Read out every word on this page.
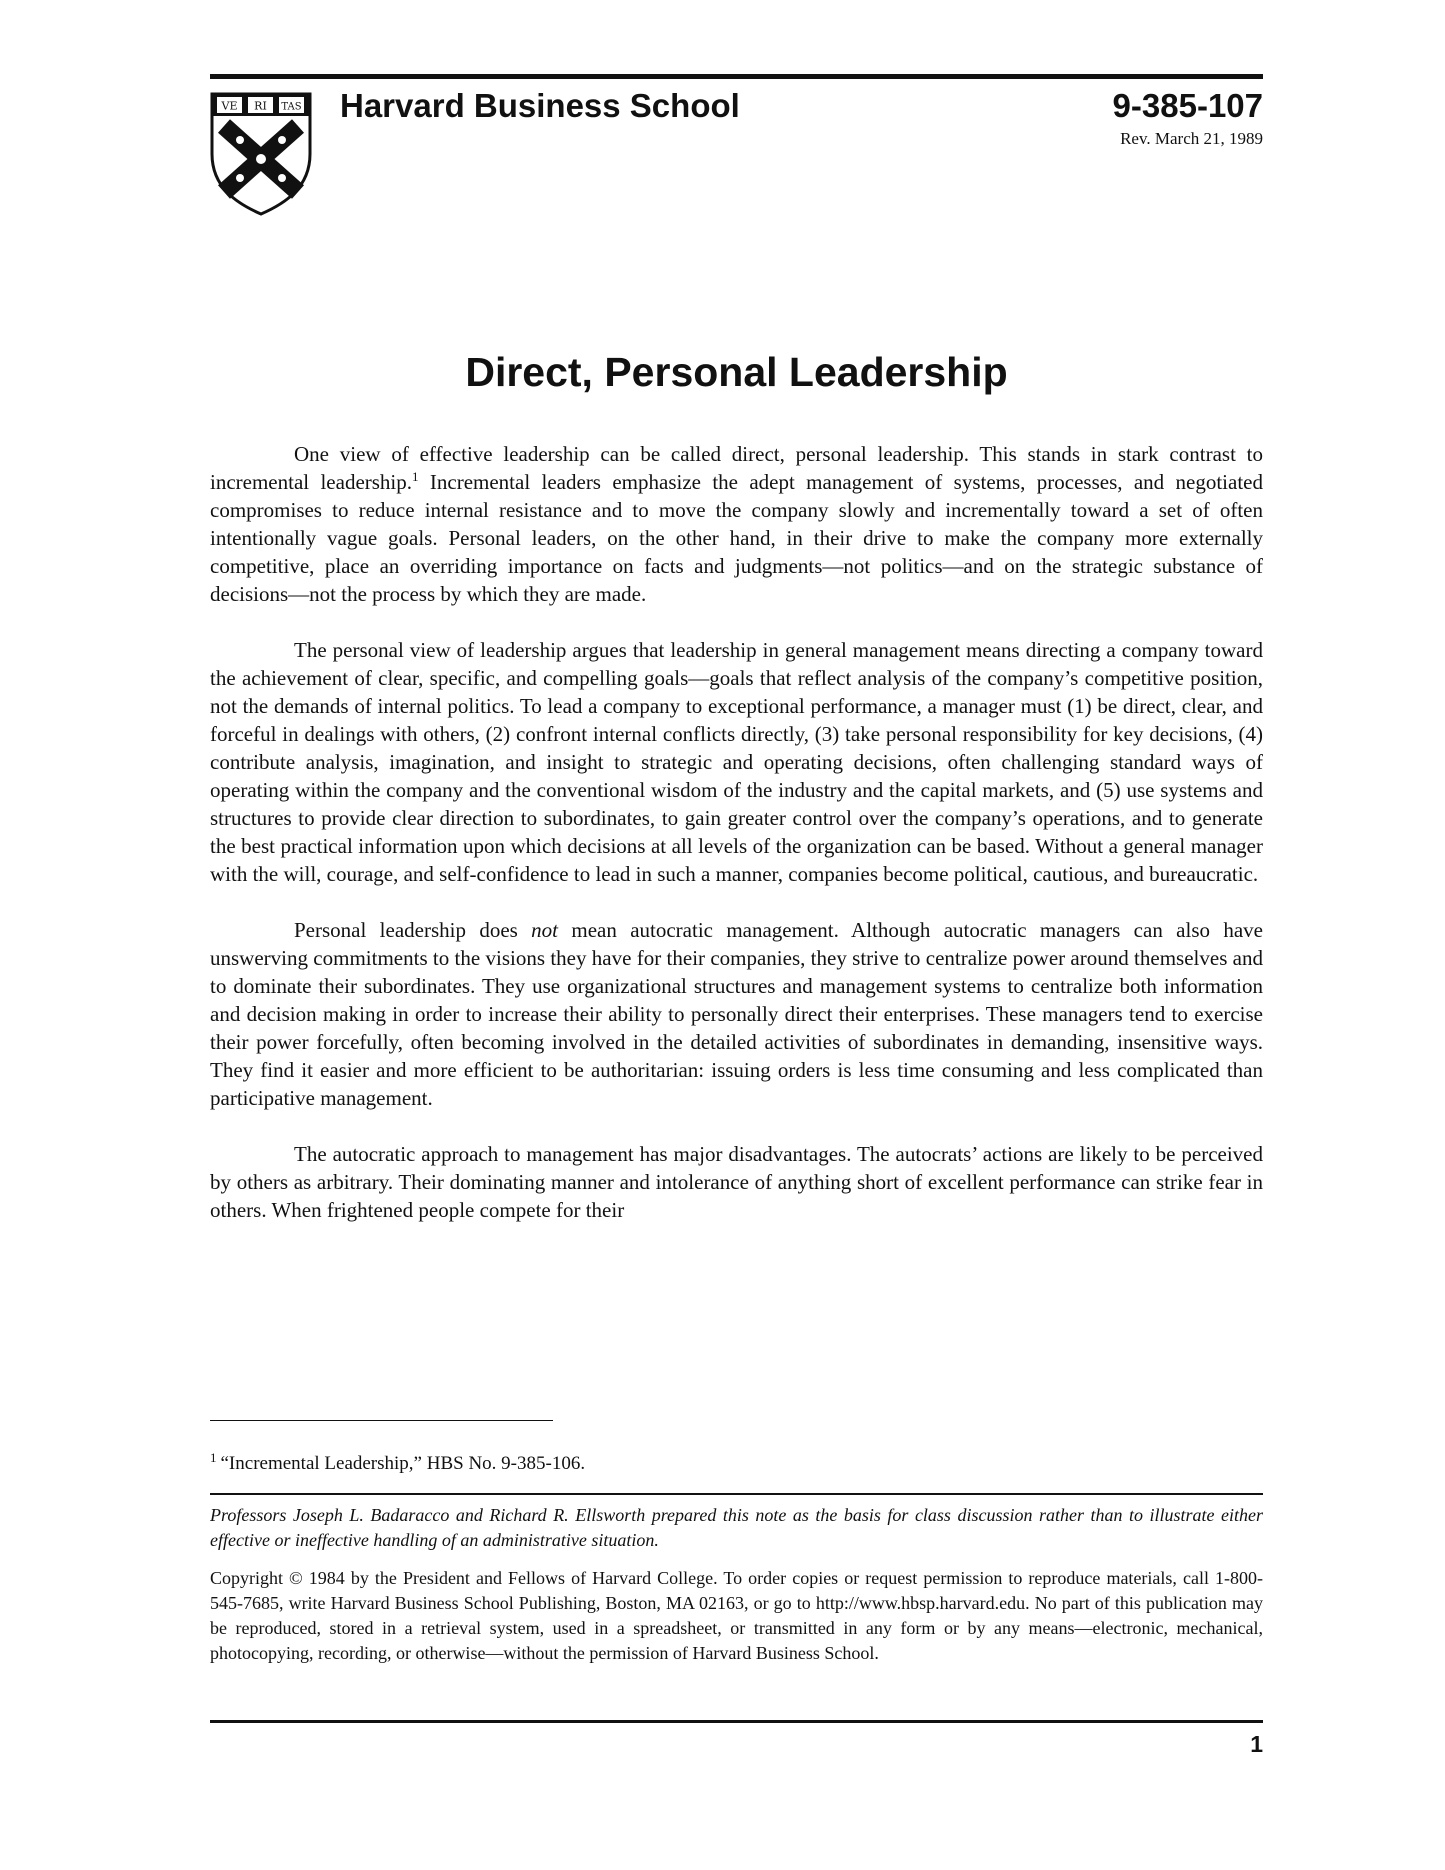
VE RI TAS Harvard Business School	9-385-107
Rev. March 21, 1989
Direct, Personal Leadership

One view of effective leadership can be called direct, personal leadership. This stands in stark contrast to incremental leadership.$^1$ Incremental leaders emphasize the adept management of systems, processes, and negotiated compromises to reduce internal resistance and to move the company slowly and incrementally toward a set of often intentionally vague goals. Personal leaders, on the other hand, in their drive to make the company more externally competitive, place an overriding importance on facts and judgments—not politics—and on the strategic substance of decisions—not the process by which they are made.

The personal view of leadership argues that leadership in general management means directing a company toward the achievement of clear, specific, and compelling goals—goals that reflect analysis of the company’s competitive position, not the demands of internal politics. To lead a company to exceptional performance, a manager must (1) be direct, clear, and forceful in dealings with others, (2) confront internal conflicts directly, (3) take personal responsibility for key decisions, (4) contribute analysis, imagination, and insight to strategic and operating decisions, often challenging standard ways of operating within the company and the conventional wisdom of the industry and the capital markets, and (5) use systems and structures to provide clear direction to subordinates, to gain greater control over the company’s operations, and to generate the best practical information upon which decisions at all levels of the organization can be based. Without a general manager with the will, courage, and self-confidence to lead in such a manner, companies become political, cautious, and bureaucratic.

Personal leadership does not mean autocratic management. Although autocratic managers can also have unswerving commitments to the visions they have for their companies, they strive to centralize power around themselves and to dominate their subordinates. They use organizational structures and management systems to centralize both information and decision making in order to increase their ability to personally direct their enterprises. These managers tend to exercise their power forcefully, often becoming involved in the detailed activities of subordinates in demanding, insensitive ways. They find it easier and more efficient to be authoritarian: issuing orders is less time consuming and less complicated than participative management.

The autocratic approach to management has major disadvantages. The autocrats’ actions are likely to be perceived by others as arbitrary. Their dominating manner and intolerance of anything short of excellent performance can strike fear in others. When frightened people compete for their

$^1$ “Incremental Leadership,” HBS No. 9-385-106.

Professors Joseph L. Badaracco and Richard R. Ellsworth prepared this note as the basis for class discussion rather than to illustrate either effective or ineffective handling of an administrative situation.

Copyright © 1984 by the President and Fellows of Harvard College. To order copies or request permission to reproduce materials, call 1-800-545-7685, write Harvard Business School Publishing, Boston, MA 02163, or go to http://www.hbsp.harvard.edu. No part of this publication may be reproduced, stored in a retrieval system, used in a spreadsheet, or transmitted in any form or by any means—electronic, mechanical, photocopying, recording, or otherwise—without the permission of Harvard Business School.

1
